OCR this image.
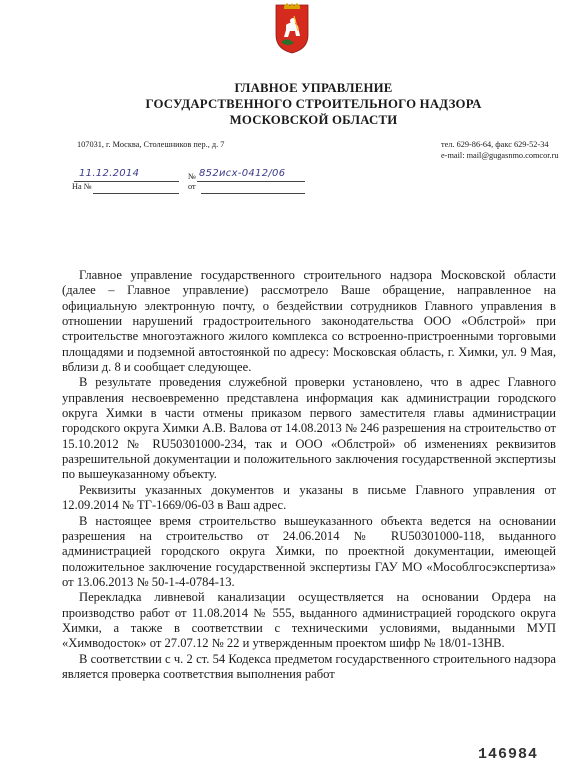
ГЛАВНОЕ УПРАВЛЕНИЕ
ГОСУДАРСТВЕННОГО СТРОИТЕЛЬНОГО НАДЗОРА
МОСКОВСКОЙ ОБЛАСТИ
107031, г. Москва, Столешников пер., д. 7	тел. 629-86-64, факс 629-52-34
e-mail: mail@gugasnmo.comcor.ru
11.12.2014	№ 852исх-0412/06
На №	от

Главное управление государственного строительного надзора Московской области (далее – Главное управление) рассмотрело Ваше обращение, направленное на официальную электронную почту, о бездействии сотрудников Главного управления в отношении нарушений градостроительного законодательства ООО «Облстрой» при строительстве многоэтажного жилого комплекса со встроенно-пристроенными торговыми площадями и подземной автостоянкой по адресу: Московская область, г. Химки, ул. 9 Мая, вблизи д. 8 и сообщает следующее.

В результате проведения служебной проверки установлено, что в адрес Главного управления несвоевременно представлена информация как администрации городского округа Химки в части отмены приказом первого заместителя главы администрации городского округа Химки А.В. Валова от 14.08.2013 № 246 разрешения на строительство от 15.10.2012 № RU50301000-234, так и ООО «Облстрой» об изменениях реквизитов разрешительной документации и положительного заключения государственной экспертизы по вышеуказанному объекту.

Реквизиты указанных документов и указаны в письме Главного управления от 12.09.2014 № ТГ-1669/06-03 в Ваш адрес.

В настоящее время строительство вышеуказанного объекта ведется на основании разрешения на строительство от 24.06.2014 № RU50301000-118, выданного администрацией городского округа Химки, по проектной документации, имеющей положительное заключение государственной экспертизы ГАУ МО «Мособлгосэкспертиза» от 13.06.2013 № 50-1-4-0784-13.

Перекладка ливневой канализации осуществляется на основании Ордера на производство работ от 11.08.2014 № 555, выданного администрацией городского округа Химки, а также в соответствии с техническими условиями, выданными МУП «Химводосток» от 27.07.12 № 22 и утвержденным проектом шифр № 18/01-13НВ.

В соответствии с ч. 2 ст. 54 Кодекса предметом государственного строительного надзора является проверка соответствия выполнения работ

146984
